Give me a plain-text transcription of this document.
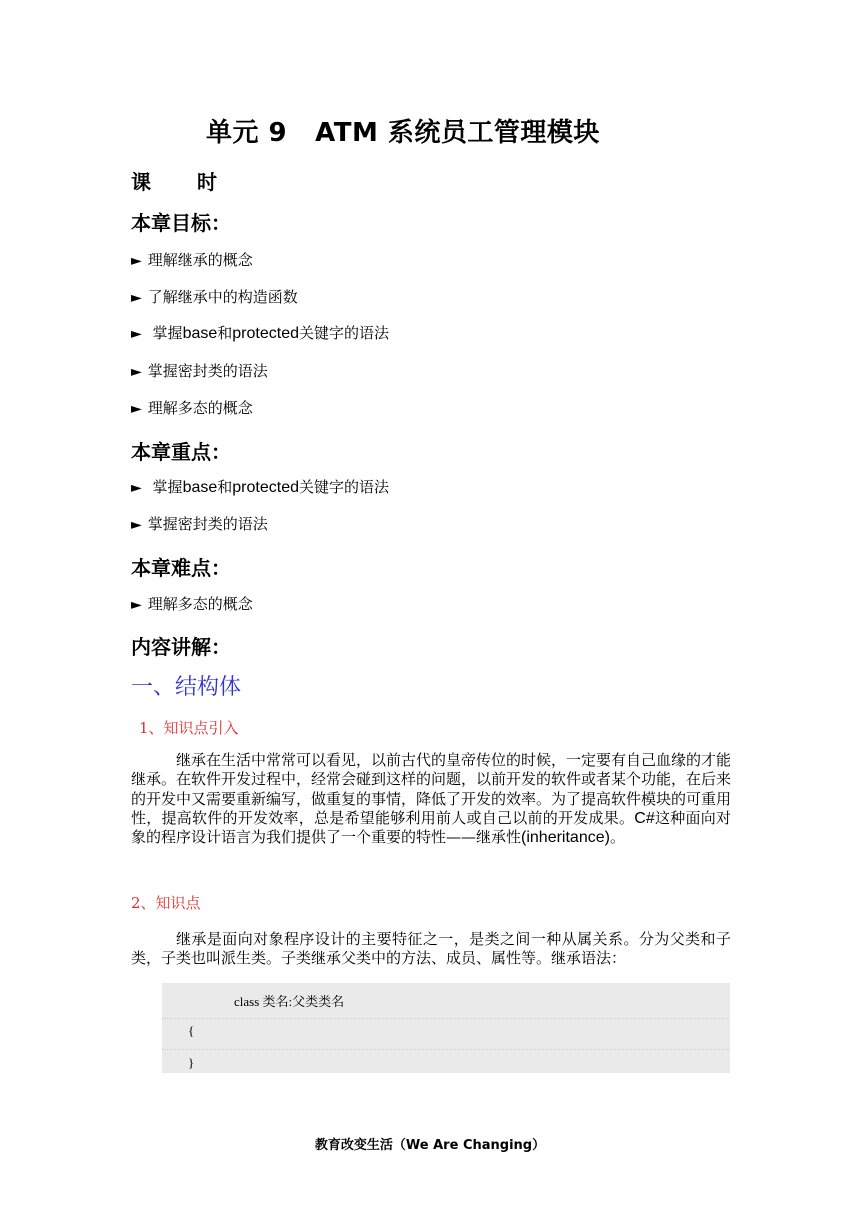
单元 9 ATM 系统员工管理模块
课 时
本章目标：
► 理解继承的概念
► 了解继承中的构造函数
► 掌握base和protected关键字的语法
► 掌握密封类的语法
► 理解多态的概念
本章重点：
► 掌握base和protected关键字的语法
► 掌握密封类的语法
本章难点：
► 理解多态的概念
内容讲解：
一、结构体
1、知识点引入

继承在生活中常常可以看见，以前古代的皇帝传位的时候，一定要有自己血缘的才能继承。在软件开发过程中，经常会碰到这样的问题，以前开发的软件或者某个功能，在后来的开发中又需要重新编写，做重复的事情，降低了开发的效率。为了提高软件模块的可重用性，提高软件的开发效率，总是希望能够利用前人或自己以前的开发成果。C#这种面向对象的程序设计语言为我们提供了一个重要的特性——继承性(inheritance)。

2、知识点

继承是面向对象程序设计的主要特征之一，是类之间一种从属关系。分为父类和子类，子类也叫派生类。子类继承父类中的方法、成员、属性等。继承语法：

class 类名:父类类名
{
}
教育改变生活（We Are Changing）
